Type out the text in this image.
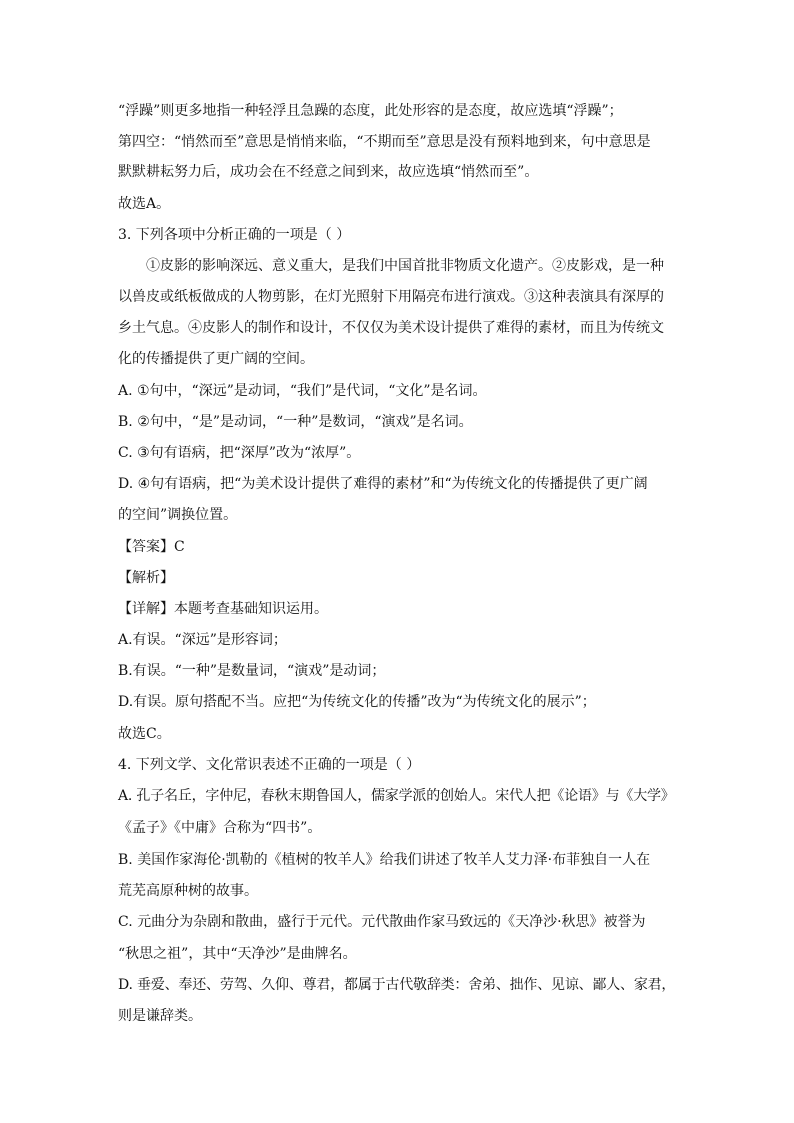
“浮躁”则更多地指一种轻浮且急躁的态度，此处形容的是态度，故应选填“浮躁”；
第四空：“悄然而至”意思是悄悄来临，“不期而至”意思是没有预料地到来，句中意思是
默默耕耘努力后，成功会在不经意之间到来，故应选填“悄然而至”。
故选A。
3. 下列各项中分析正确的一项是（ ）
①皮影的影响深远、意义重大，是我们中国首批非物质文化遗产。②皮影戏，是一种
以兽皮或纸板做成的人物剪影，在灯光照射下用隔亮布进行演戏。③这种表演具有深厚的
乡土气息。④皮影人的制作和设计，不仅仅为美术设计提供了难得的素材，而且为传统文
化的传播提供了更广阔的空间。
A. ①句中，“深远”是动词，“我们”是代词，“文化”是名词。
B. ②句中，“是”是动词，“一种”是数词，“演戏”是名词。
C. ③句有语病，把“深厚”改为“浓厚”。
D. ④句有语病，把“为美术设计提供了难得的素材”和“为传统文化的传播提供了更广阔
的空间”调换位置。
【答案】C
【解析】
【详解】本题考查基础知识运用。
A.有误。“深远”是形容词；
B.有误。“一种”是数量词，“演戏”是动词；
D.有误。原句搭配不当。应把“为传统文化的传播”改为“为传统文化的展示”；
故选C。
4. 下列文学、文化常识表述不正确的一项是（ ）
A. 孔子名丘，字仲尼，春秋末期鲁国人，儒家学派的创始人。宋代人把《论语》与《大学》
《孟子》《中庸》合称为“四书”。
B. 美国作家海伦·凯勒的《植树的牧羊人》给我们讲述了牧羊人艾力泽·布菲独自一人在
荒芜高原种树的故事。
C. 元曲分为杂剧和散曲，盛行于元代。元代散曲作家马致远的《天净沙·秋思》被誉为
“秋思之祖”，其中“天净沙”是曲牌名。
D. 垂爱、奉还、劳驾、久仰、尊君，都属于古代敬辞类：舍弟、拙作、见谅、鄙人、家君，
则是谦辞类。
